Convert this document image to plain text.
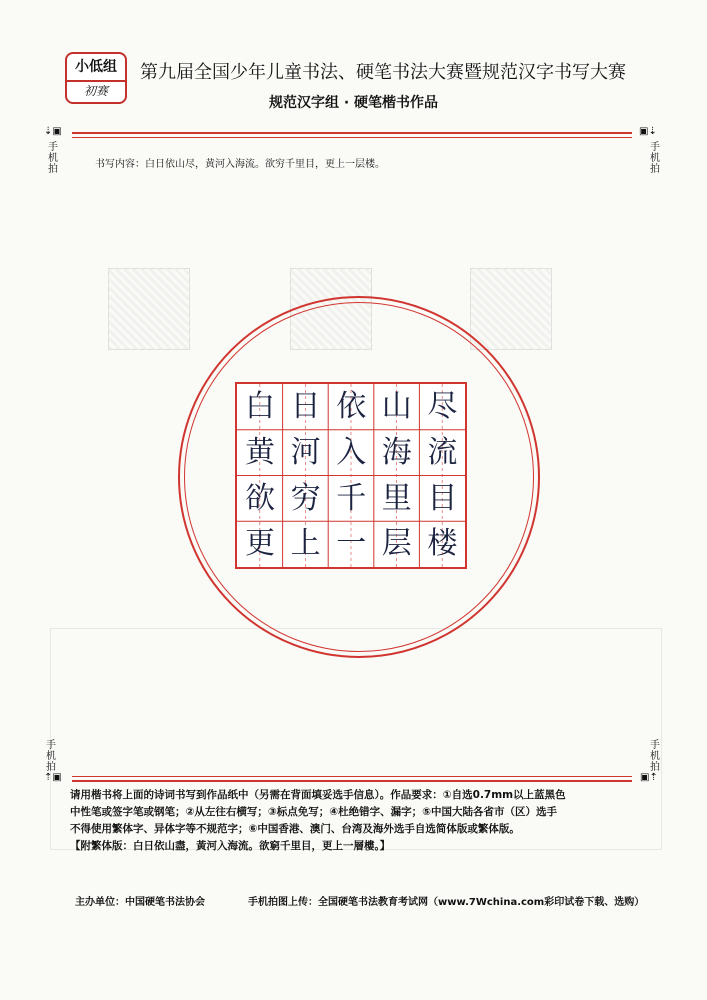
小低组
初赛
第九届全国少年儿童书法、硬笔书法大赛暨规范汉字书写大赛
规范汉字组 · 硬笔楷书作品
⇣▣
手
机
拍
▣⇣
手
机
拍
书写内容：白日依山尽，黄河入海流。欲穷千里目，更上一层楼。
白 日 依 山 尽
黄 河 入 海 流
欲 穷 千 里 目
更 上 一 层 楼
手
机
拍
⇡▣
手
机
拍
▣⇡
请用楷书将上面的诗词书写到作品纸中（另需在背面填妥选手信息）。作品要求：①自选0.7mm以上蓝黑色
中性笔或签字笔或钢笔；②从左往右横写；③标点免写；④杜绝错字、漏字；⑤中国大陆各省市（区）选手
不得使用繁体字、异体字等不规范字；⑥中国香港、澳门、台湾及海外选手自选简体版或繁体版。
【附繁体版：白日依山盡，黃河入海流。欲窮千里目，更上一層樓。】
主办单位：中国硬笔书法协会	手机拍图上传：全国硬笔书法教育考试网（www.7Wchina.com彩印试卷下载、选购）
